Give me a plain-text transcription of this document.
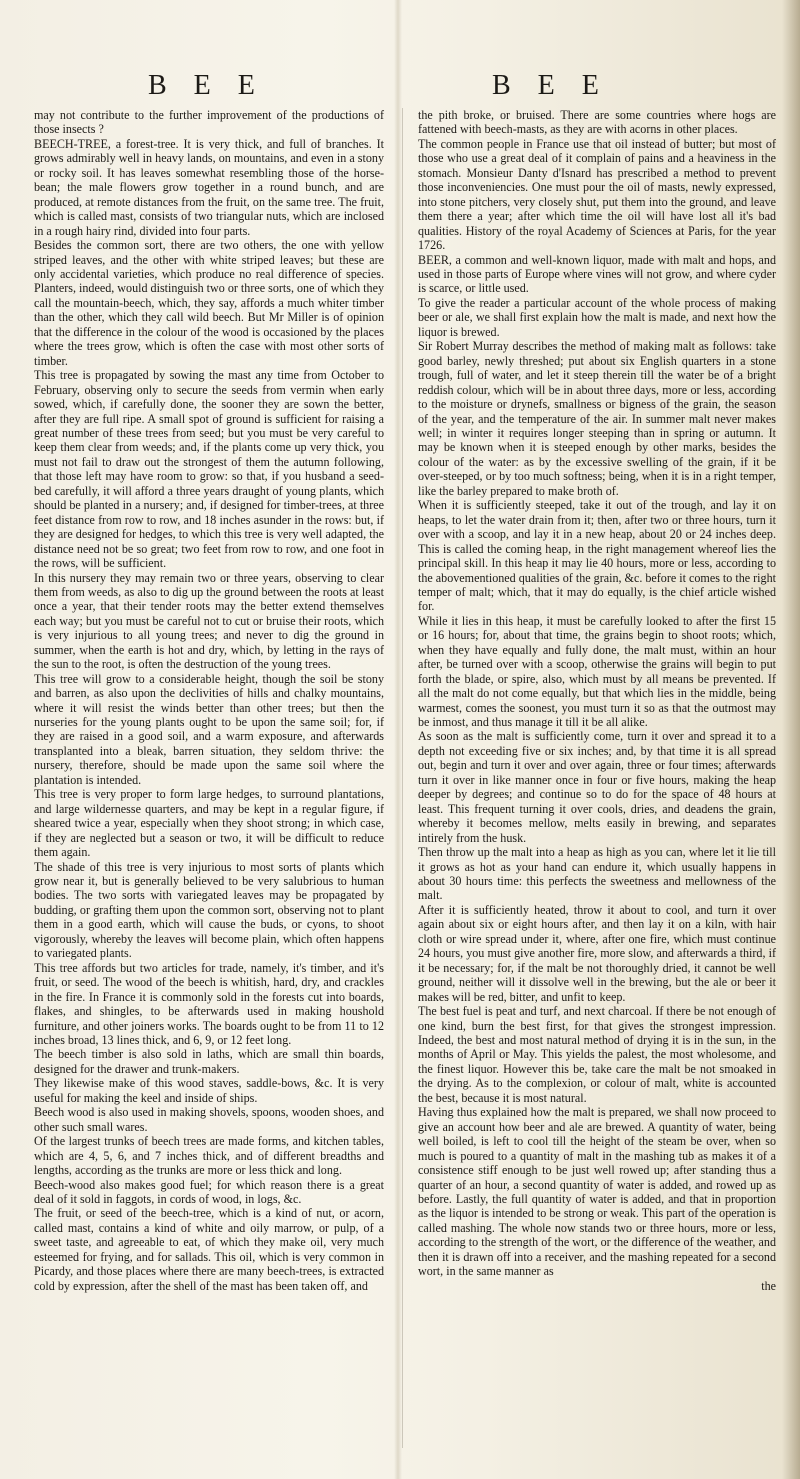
B E E	B E E

may not contribute to the further improvement of the productions of those insects ?

BEECH-TREE, a forest-tree. It is very thick, and full of branches. It grows admirably well in heavy lands, on mountains, and even in a stony or rocky soil. It has leaves somewhat resembling those of the horse-bean; the male flowers grow together in a round bunch, and are produced, at remote distances from the fruit, on the same tree. The fruit, which is called mast, consists of two triangular nuts, which are inclosed in a rough hairy rind, divided into four parts.

Besides the common sort, there are two others, the one with yellow striped leaves, and the other with white striped leaves; but these are only accidental varieties, which produce no real difference of species. Planters, indeed, would distinguish two or three sorts, one of which they call the mountain-beech, which, they say, affords a much whiter timber than the other, which they call wild beech. But Mr Miller is of opinion that the difference in the colour of the wood is occasioned by the places where the trees grow, which is often the case with most other sorts of timber.

This tree is propagated by sowing the mast any time from October to February, observing only to secure the seeds from vermin when early sowed, which, if carefully done, the sooner they are sown the better, after they are full ripe. A small spot of ground is sufficient for raising a great number of these trees from seed; but you must be very careful to keep them clear from weeds; and, if the plants come up very thick, you must not fail to draw out the strongest of them the autumn following, that those left may have room to grow: so that, if you husband a seed-bed carefully, it will afford a three years draught of young plants, which should be planted in a nursery; and, if designed for timber-trees, at three feet distance from row to row, and 18 inches asunder in the rows: but, if they are designed for hedges, to which this tree is very well adapted, the distance need not be so great; two feet from row to row, and one foot in the rows, will be sufficient.

In this nursery they may remain two or three years, observing to clear them from weeds, as also to dig up the ground between the roots at least once a year, that their tender roots may the better extend themselves each way; but you must be careful not to cut or bruise their roots, which is very injurious to all young trees; and never to dig the ground in summer, when the earth is hot and dry, which, by letting in the rays of the sun to the root, is often the destruction of the young trees.

This tree will grow to a considerable height, though the soil be stony and barren, as also upon the declivities of hills and chalky mountains, where it will resist the winds better than other trees; but then the nurseries for the young plants ought to be upon the same soil; for, if they are raised in a good soil, and a warm exposure, and afterwards transplanted into a bleak, barren situation, they seldom thrive: the nursery, therefore, should be made upon the same soil where the plantation is intended.

This tree is very proper to form large hedges, to surround plantations, and large wildernesse quarters, and may be kept in a regular figure, if sheared twice a year, especially when they shoot strong; in which case, if they are neglected but a season or two, it will be difficult to reduce them again.

The shade of this tree is very injurious to most sorts of plants which grow near it, but is generally believed to be very salubrious to human bodies. The two sorts with variegated leaves may be propagated by budding, or grafting them upon the common sort, observing not to plant them in a good earth, which will cause the buds, or cyons, to shoot vigorously, whereby the leaves will become plain, which often happens to variegated plants.

This tree affords but two articles for trade, namely, it's timber, and it's fruit, or seed. The wood of the beech is whitish, hard, dry, and crackles in the fire. In France it is commonly sold in the forests cut into boards, flakes, and shingles, to be afterwards used in making houshold furniture, and other joiners works. The boards ought to be from 11 to 12 inches broad, 13 lines thick, and 6, 9, or 12 feet long.

The beech timber is also sold in laths, which are small thin boards, designed for the drawer and trunk-makers.

They likewise make of this wood staves, saddle-bows, &c. It is very useful for making the keel and inside of ships.

Beech wood is also used in making shovels, spoons, wooden shoes, and other such small wares.

Of the largest trunks of beech trees are made forms, and kitchen tables, which are 4, 5, 6, and 7 inches thick, and of different breadths and lengths, according as the trunks are more or less thick and long.

Beech-wood also makes good fuel; for which reason there is a great deal of it sold in faggots, in cords of wood, in logs, &c.

The fruit, or seed of the beech-tree, which is a kind of nut, or acorn, called mast, contains a kind of white and oily marrow, or pulp, of a sweet taste, and agreeable to eat, of which they make oil, very much esteemed for frying, and for sallads. This oil, which is very common in Picardy, and those places where there are many beech-trees, is extracted cold by expression, after the shell of the mast has been taken off, and

the pith broke, or bruised. There are some countries where hogs are fattened with beech-masts, as they are with acorns in other places.

The common people in France use that oil instead of butter; but most of those who use a great deal of it complain of pains and a heaviness in the stomach. Monsieur Danty d'Isnard has prescribed a method to prevent those inconveniencies. One must pour the oil of masts, newly expressed, into stone pitchers, very closely shut, put them into the ground, and leave them there a year; after which time the oil will have lost all it's bad qualities. History of the royal Academy of Sciences at Paris, for the year 1726.

BEER, a common and well-known liquor, made with malt and hops, and used in those parts of Europe where vines will not grow, and where cyder is scarce, or little used.

To give the reader a particular account of the whole process of making beer or ale, we shall first explain how the malt is made, and next how the liquor is brewed.

Sir Robert Murray describes the method of making malt as follows: take good barley, newly threshed; put about six English quarters in a stone trough, full of water, and let it steep therein till the water be of a bright reddish colour, which will be in about three days, more or less, according to the moisture or drynefs, smallness or bigness of the grain, the season of the year, and the temperature of the air. In summer malt never makes well; in winter it requires longer steeping than in spring or autumn. It may be known when it is steeped enough by other marks, besides the colour of the water: as by the excessive swelling of the grain, if it be over-steeped, or by too much softness; being, when it is in a right temper, like the barley prepared to make broth of.

When it is sufficiently steeped, take it out of the trough, and lay it on heaps, to let the water drain from it; then, after two or three hours, turn it over with a scoop, and lay it in a new heap, about 20 or 24 inches deep. This is called the coming heap, in the right management whereof lies the principal skill. In this heap it may lie 40 hours, more or less, according to the abovementioned qualities of the grain, &c. before it comes to the right temper of malt; which, that it may do equally, is the chief article wished for.

While it lies in this heap, it must be carefully looked to after the first 15 or 16 hours; for, about that time, the grains begin to shoot roots; which, when they have equally and fully done, the malt must, within an hour after, be turned over with a scoop, otherwise the grains will begin to put forth the blade, or spire, also, which must by all means be prevented. If all the malt do not come equally, but that which lies in the middle, being warmest, comes the soonest, you must turn it so as that the outmost may be inmost, and thus manage it till it be all alike.

As soon as the malt is sufficiently come, turn it over and spread it to a depth not exceeding five or six inches; and, by that time it is all spread out, begin and turn it over and over again, three or four times; afterwards turn it over in like manner once in four or five hours, making the heap deeper by degrees; and continue so to do for the space of 48 hours at least. This frequent turning it over cools, dries, and deadens the grain, whereby it becomes mellow, melts easily in brewing, and separates intirely from the husk.

Then throw up the malt into a heap as high as you can, where let it lie till it grows as hot as your hand can endure it, which usually happens in about 30 hours time: this perfects the sweetness and mellowness of the malt.

After it is sufficiently heated, throw it about to cool, and turn it over again about six or eight hours after, and then lay it on a kiln, with hair cloth or wire spread under it, where, after one fire, which must continue 24 hours, you must give another fire, more slow, and afterwards a third, if it be necessary; for, if the malt be not thoroughly dried, it cannot be well ground, neither will it dissolve well in the brewing, but the ale or beer it makes will be red, bitter, and unfit to keep.

The best fuel is peat and turf, and next charcoal. If there be not enough of one kind, burn the best first, for that gives the strongest impression. Indeed, the best and most natural method of drying it is in the sun, in the months of April or May. This yields the palest, the most wholesome, and the finest liquor. However this be, take care the malt be not smoaked in the drying. As to the complexion, or colour of malt, white is accounted the best, because it is most natural.

Having thus explained how the malt is prepared, we shall now proceed to give an account how beer and ale are brewed. A quantity of water, being well boiled, is left to cool till the height of the steam be over, when so much is poured to a quantity of malt in the mashing tub as makes it of a consistence stiff enough to be just well rowed up; after standing thus a quarter of an hour, a second quantity of water is added, and rowed up as before. Lastly, the full quantity of water is added, and that in proportion as the liquor is intended to be strong or weak. This part of the operation is called mashing. The whole now stands two or three hours, more or less, according to the strength of the wort, or the difference of the weather, and then it is drawn off into a receiver, and the mashing repeated for a second wort, in the same manner as

the
